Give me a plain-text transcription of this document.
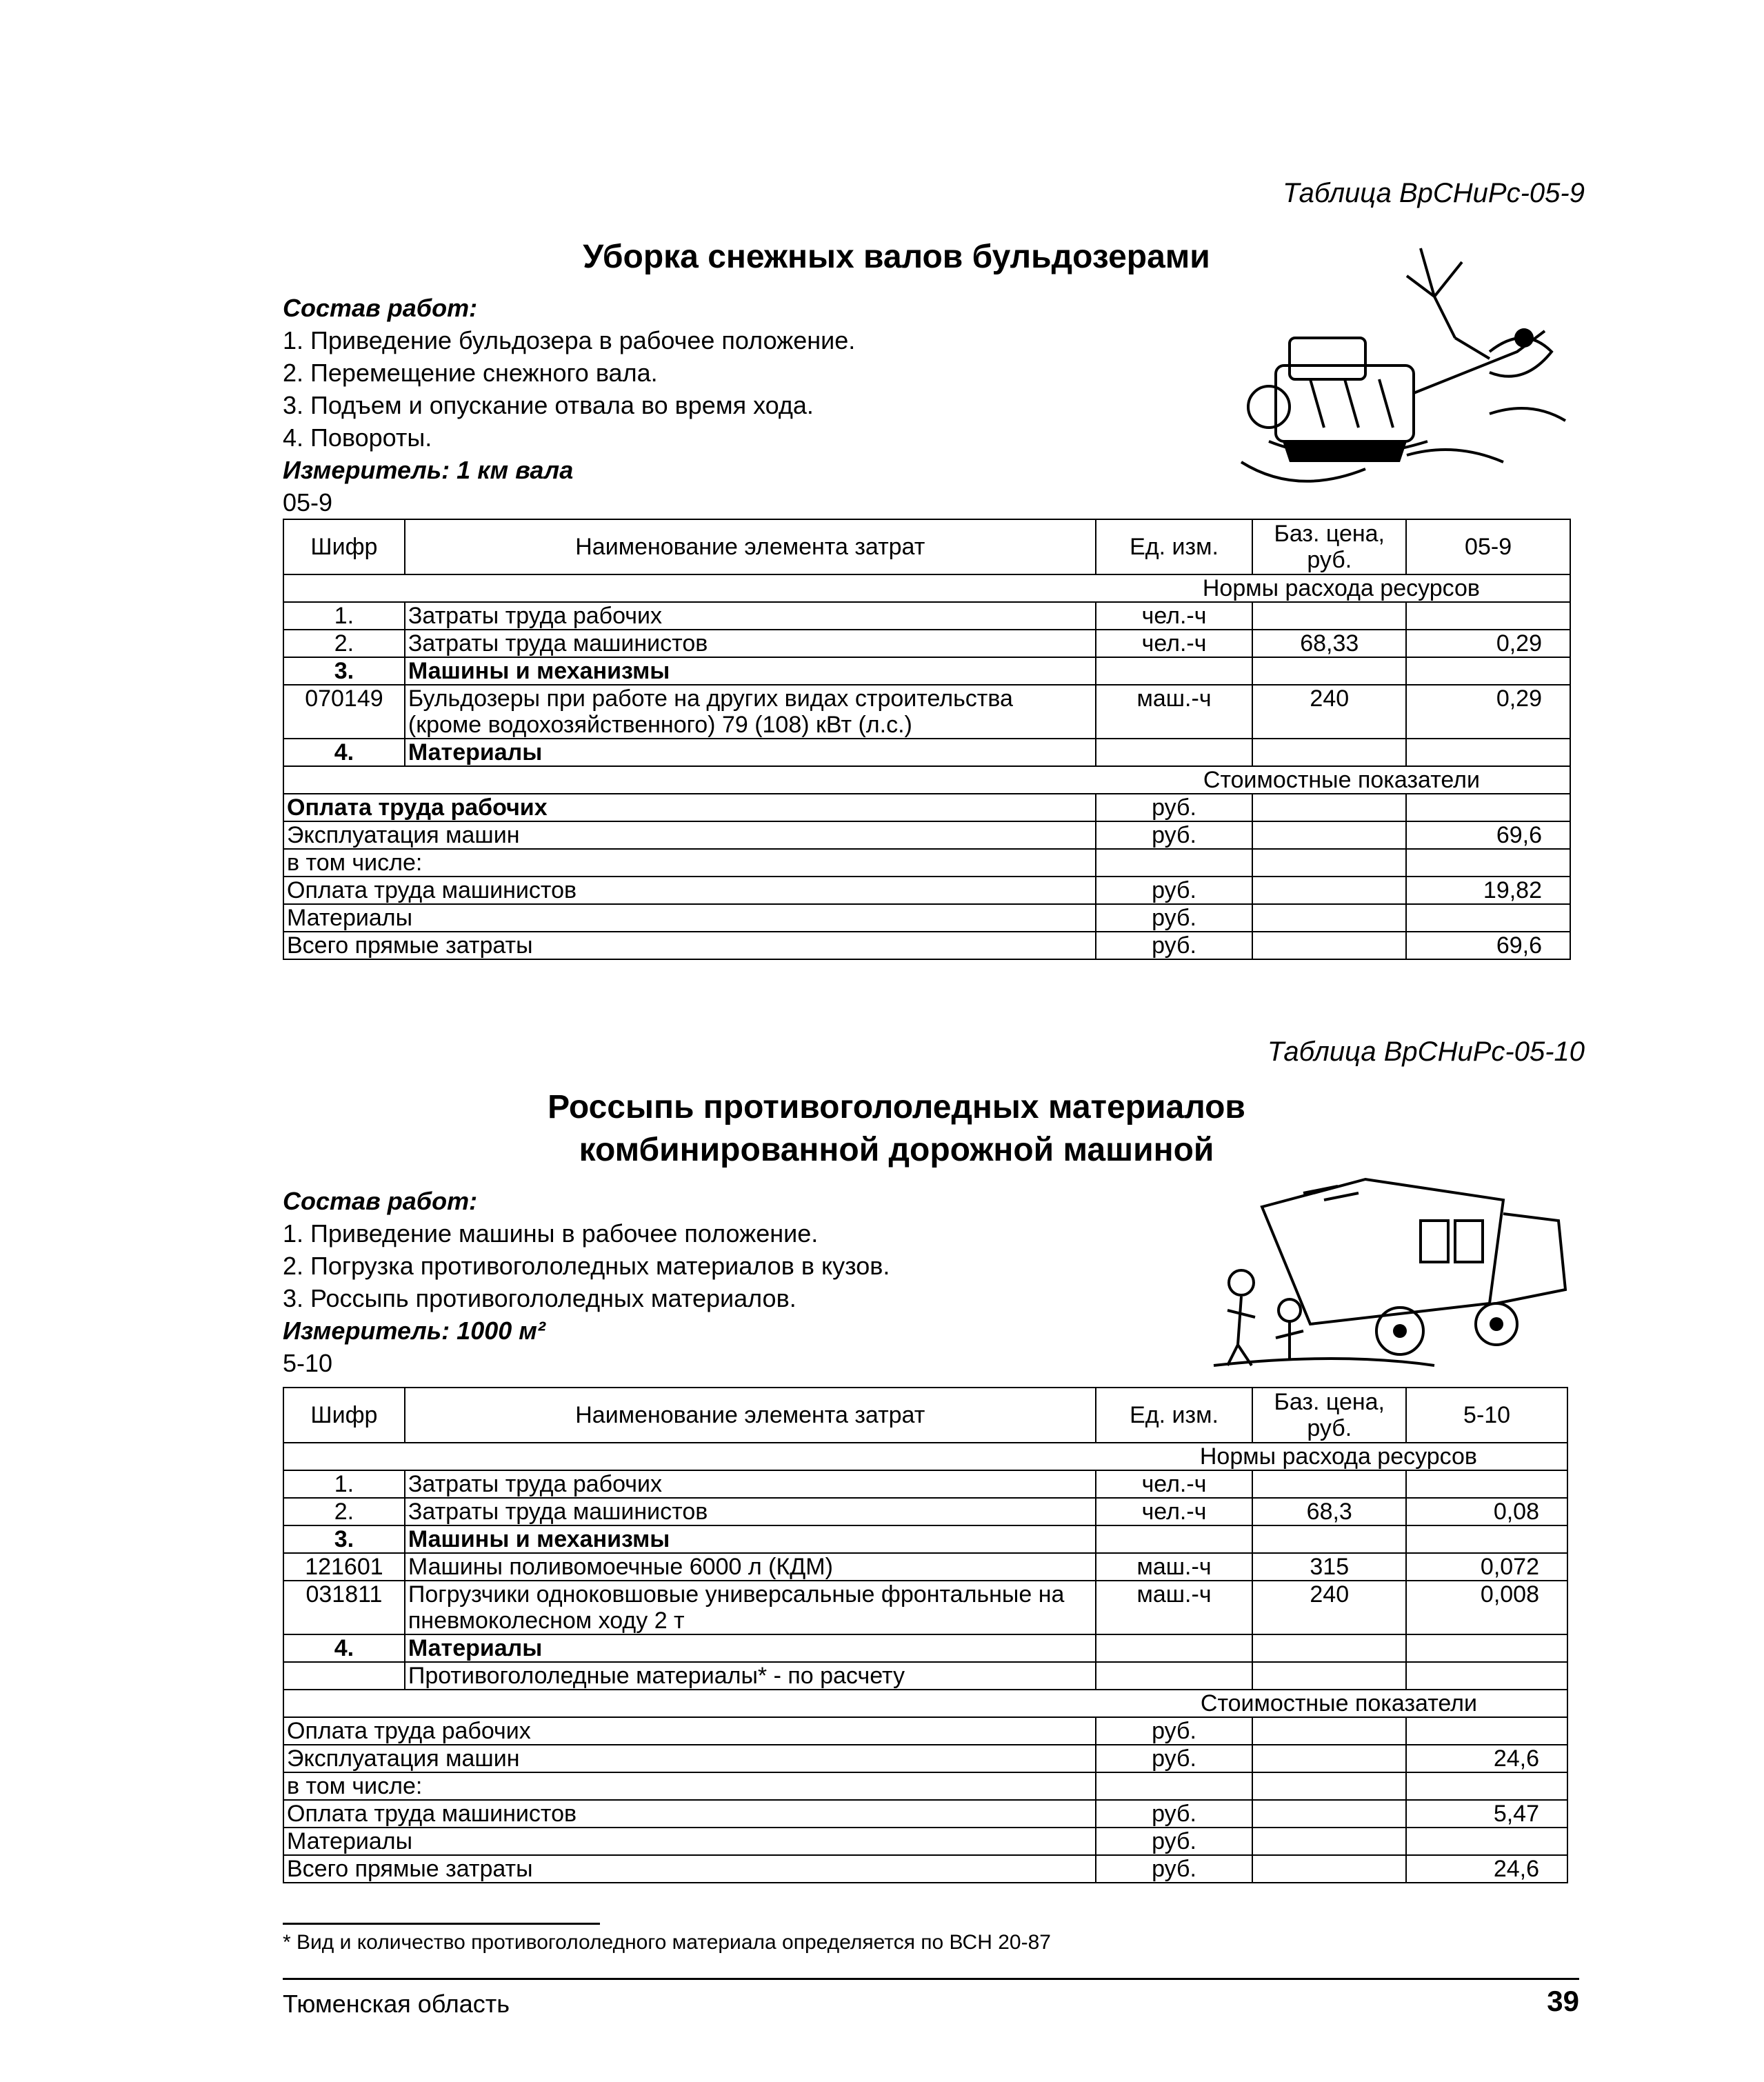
Таблица ВрСНиРс-05-9
Уборка снежных валов бульдозерами
Состав работ:
1. Приведение бульдозера в рабочее положение.
2. Перемещение снежного вала.
3. Подъем и опускание отвала во время хода.
4. Повороты.
Измеритель: 1 км вала
05-9
Шифр	Наименование элемента затрат	Ед. изм.	Баз. цена, руб.	05-9
Нормы расхода ресурсов				
1.	Затраты труда рабочих	чел.-ч		
2.	Затраты труда машинистов	чел.-ч	68,33	0,29
3.	Машины и механизмы			
070149	Бульдозеры при работе на других видах строительства (кроме водохозяйственного) 79 (108) кВт (л.с.)	маш.-ч	240	0,29
4.	Материалы			
Стоимостные показатели				
Оплата труда рабочих		руб.		
Эксплуатация машин		руб.		69,6
в том числе:				
Оплата труда машинистов		руб.		19,82
Материалы		руб.		
Всего прямые затраты		руб.		69,6
Таблица ВрСНиРс-05-10
Россыпь противогололедных материалов
комбинированной дорожной машиной
Состав работ:
1. Приведение машины в рабочее положение.
2. Погрузка противогололедных материалов в кузов.
3. Россыпь противогололедных материалов.
Измеритель: 1000 м²
5-10
Шифр	Наименование элемента затрат	Ед. изм.	Баз. цена, руб.	5-10
Нормы расхода ресурсов				
1.	Затраты труда рабочих	чел.-ч		
2.	Затраты труда машинистов	чел.-ч	68,3	0,08
3.	Машины и механизмы			
121601	Машины поливомоечные 6000 л (КДМ)	маш.-ч	315	0,072
031811	Погрузчики одноковшовые универсальные фронтальные на пневмоколесном ходу 2 т	маш.-ч	240	0,008
4.	Материалы			
	Противогололедные материалы* - по расчету			
Стоимостные показатели				
Оплата труда рабочих		руб.		
Эксплуатация машин		руб.		24,6
в том числе:				
Оплата труда машинистов		руб.		5,47
Материалы		руб.		
Всего прямые затраты		руб.		24,6
* Вид и количество противогололедного материала определяется по ВСН 20-87
Тюменская область	39
